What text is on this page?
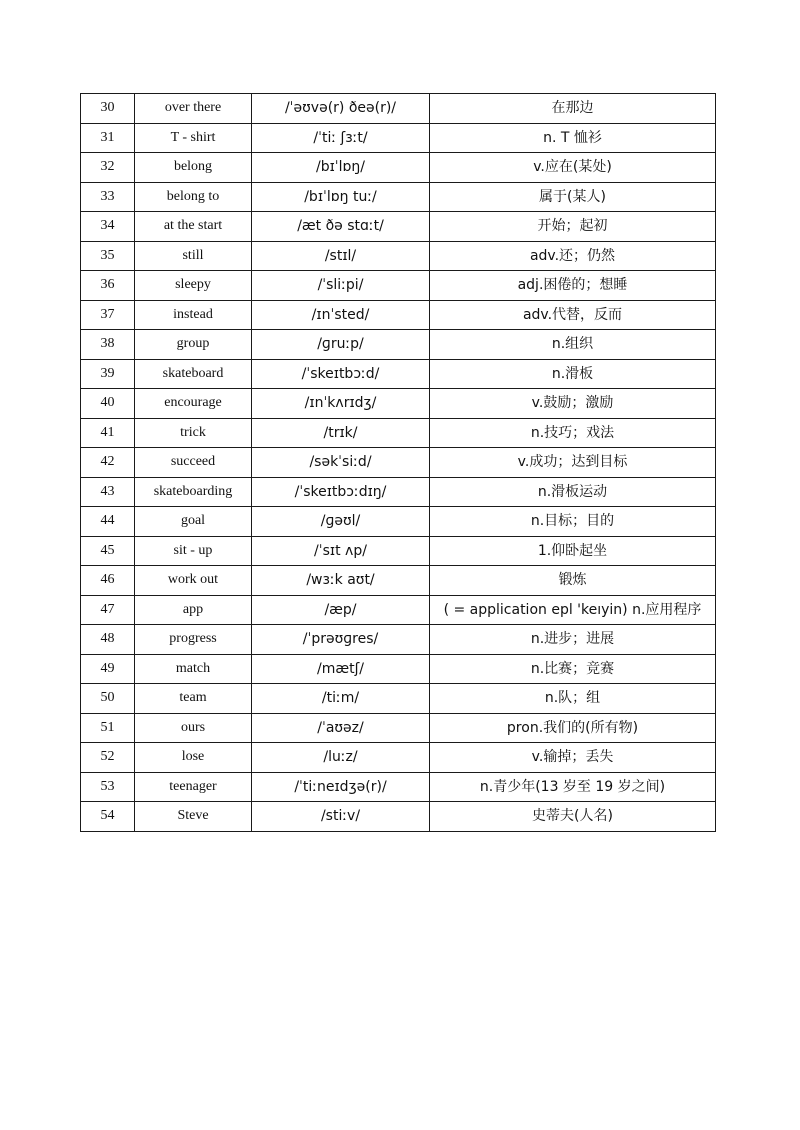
30	over there	/ˈəʊvə(r) ðeə(r)/	在那边
31	T - shirt	/ˈtiː ʃɜːt/	n. T 恤衫
32	belong	/bɪˈlɒŋ/	v.应在(某处)
33	belong to	/bɪˈlɒŋ tuː/	属于(某人)
34	at the start	/æt ðə stɑːt/	开始；起初
35	still	/stɪl/	adv.还；仍然
36	sleepy	/ˈsliːpi/	adj.困倦的；想睡
37	instead	/ɪnˈsted/	adv.代替，反而
38	group	/ɡruːp/	n.组织
39	skateboard	/ˈskeɪtbɔːd/	n.滑板
40	encourage	/ɪnˈkʌrɪdʒ/	v.鼓励；激励
41	trick	/trɪk/	n.技巧；戏法
42	succeed	/səkˈsiːd/	v.成功；达到目标
43	skateboarding	/ˈskeɪtbɔːdɪŋ/	n.滑板运动
44	goal	/ɡəʊl/	n.目标；目的
45	sit - up	/ˈsɪt ʌp/	1.仰卧起坐
46	work out	/wɜːk aʊt/	锻炼
47	app	/æp/	( = application epl 'keıyin) n.应用程序
48	progress	/ˈprəʊɡres/	n.进步；进展
49	match	/mætʃ/	n.比赛；竞赛
50	team	/tiːm/	n.队；组
51	ours	/ˈaʊəz/	pron.我们的(所有物)
52	lose	/luːz/	v.输掉；丢失
53	teenager	/ˈtiːneɪdʒə(r)/	n.青少年(13 岁至 19 岁之间)
54	Steve	/stiːv/	史蒂夫(人名)
